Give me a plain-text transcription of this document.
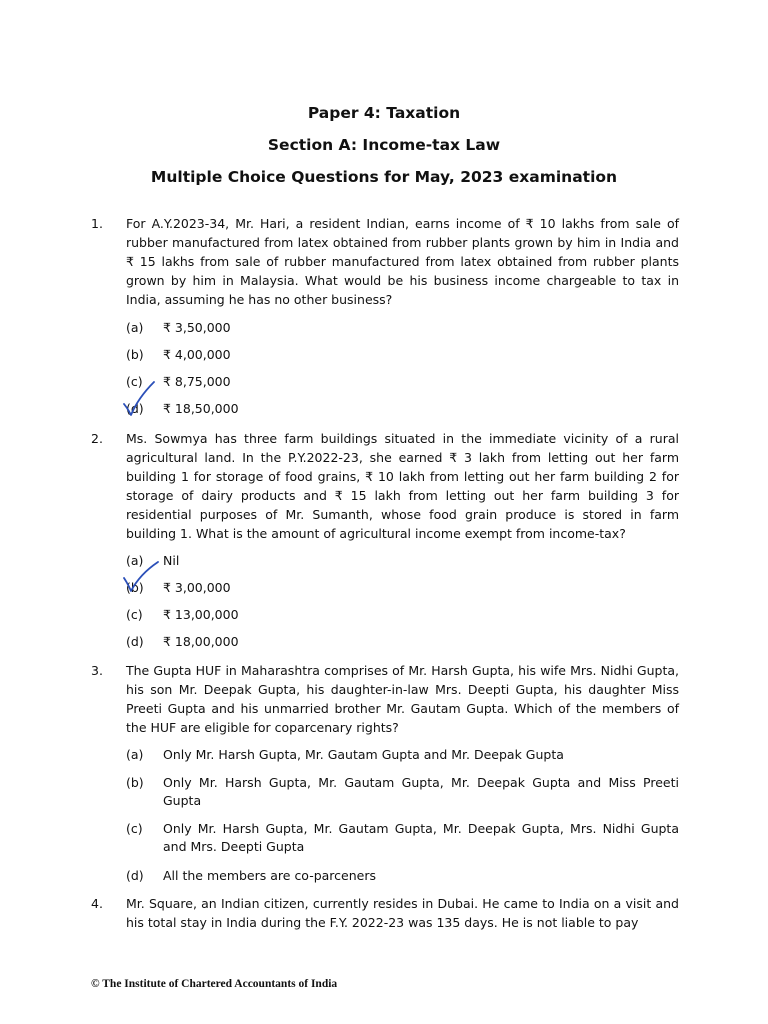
Paper 4: Taxation
Section A: Income-tax Law
Multiple Choice Questions for May, 2023 examination
1. For A.Y.2023-34, Mr. Hari, a resident Indian, earns income of ₹ 10 lakhs from sale of rubber manufactured from latex obtained from rubber plants grown by him in India and ₹ 15 lakhs from sale of rubber manufactured from latex obtained from rubber plants grown by him in Malaysia. What would be his business income chargeable to tax in India, assuming he has no other business?

(a) ₹ 3,50,000
(b) ₹ 4,00,000
(c) ₹ 8,75,000
(d) ₹ 18,50,000
2. Ms. Sowmya has three farm buildings situated in the immediate vicinity of a rural agricultural land. In the P.Y.2022-23, she earned ₹ 3 lakh from letting out her farm building 1 for storage of food grains, ₹ 10 lakh from letting out her farm building 2 for storage of dairy products and ₹ 15 lakh from letting out her farm building 3 for residential purposes of Mr. Sumanth, whose food grain produce is stored in farm building 1. What is the amount of agricultural income exempt from income-tax?

(a) Nil
(b) ₹ 3,00,000
(c) ₹ 13,00,000
(d) ₹ 18,00,000
3. The Gupta HUF in Maharashtra comprises of Mr. Harsh Gupta, his wife Mrs. Nidhi Gupta, his son Mr. Deepak Gupta, his daughter-in-law Mrs. Deepti Gupta, his daughter Miss Preeti Gupta and his unmarried brother Mr. Gautam Gupta. Which of the members of the HUF are eligible for coparcenary rights?

(a) Only Mr. Harsh Gupta, Mr. Gautam Gupta and Mr. Deepak Gupta
(b) Only Mr. Harsh Gupta, Mr. Gautam Gupta, Mr. Deepak Gupta and Miss Preeti Gupta
(c) Only Mr. Harsh Gupta, Mr. Gautam Gupta, Mr. Deepak Gupta, Mrs. Nidhi Gupta and Mrs. Deepti Gupta
(d) All the members are co-parceners
4. Mr. Square, an Indian citizen, currently resides in Dubai. He came to India on a visit and his total stay in India during the F.Y. 2022-23 was 135 days. He is not liable to pay

© The Institute of Chartered Accountants of India
